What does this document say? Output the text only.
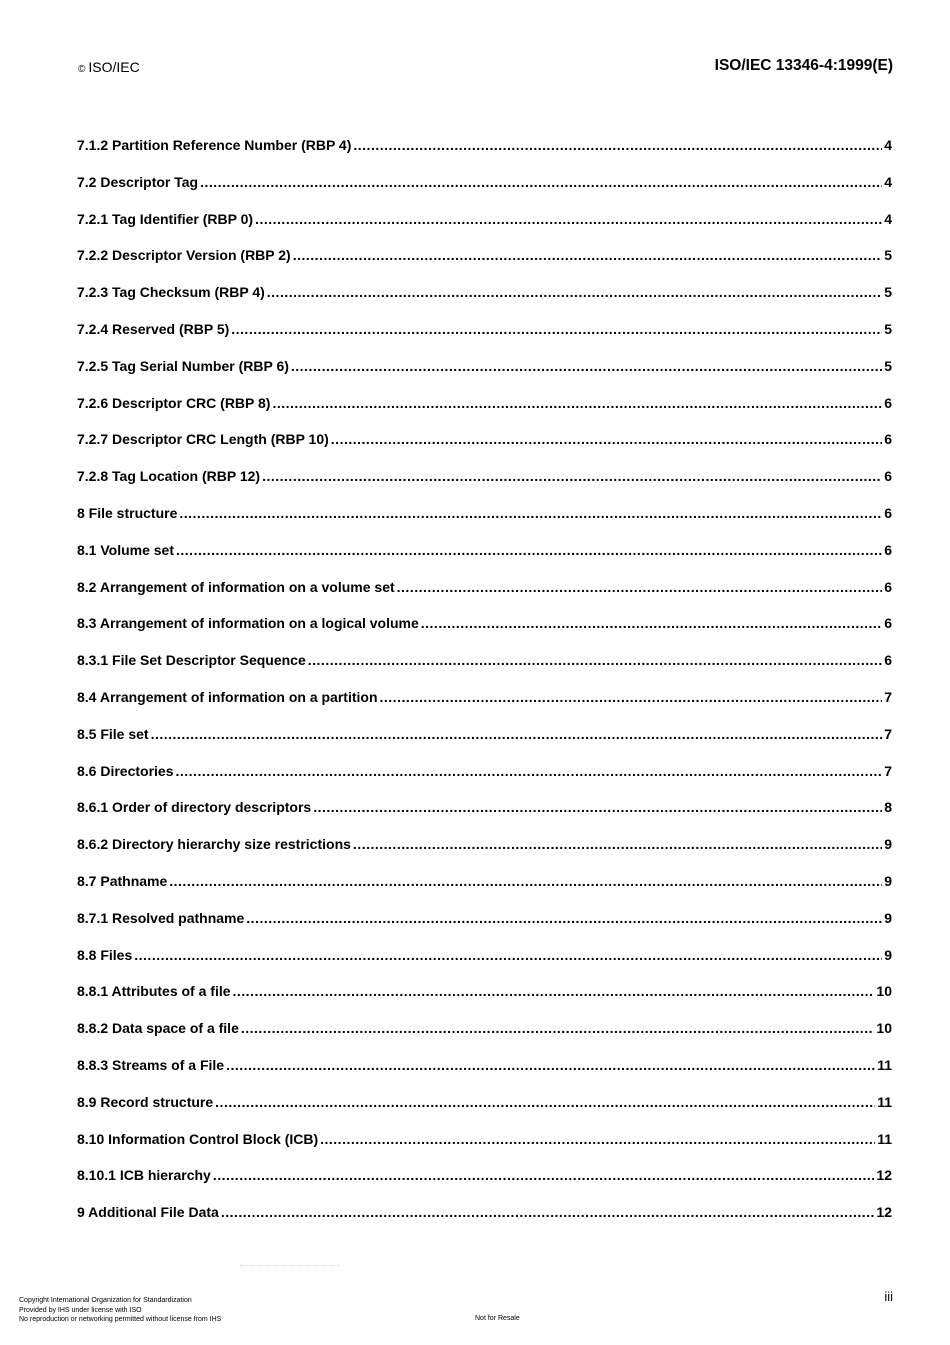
© ISO/IEC	ISO/IEC 13346-4:1999(E)
7.1.2 Partition Reference Number (RBP 4) .....	4
7.2 Descriptor Tag .....	4
7.2.1 Tag Identifier (RBP 0) .....	4
7.2.2 Descriptor Version (RBP 2) .....	5
7.2.3 Tag Checksum (RBP 4) .....	5
7.2.4 Reserved (RBP 5) .....	5
7.2.5 Tag Serial Number (RBP 6) .....	5
7.2.6 Descriptor CRC (RBP 8) .....	6
7.2.7 Descriptor CRC Length (RBP 10) .....	6
7.2.8 Tag Location (RBP 12) .....	6
8 File structure .....	6
8.1 Volume set .....	6
8.2 Arrangement of information on a volume set .....	6
8.3 Arrangement of information on a logical volume .....	6
8.3.1 File Set Descriptor Sequence .....	6
8.4 Arrangement of information on a partition .....	7
8.5 File set .....	7
8.6 Directories .....	7
8.6.1 Order of directory descriptors .....	8
8.6.2 Directory hierarchy size restrictions .....	9
8.7 Pathname .....	9
8.7.1 Resolved pathname .....	9
8.8 Files .....	9
8.8.1 Attributes of a file .....	10
8.8.2 Data space of a file .....	10
8.8.3 Streams of a File .....	11
8.9 Record structure .....	11
8.10 Information Control Block (ICB) .....	11
8.10.1 ICB hierarchy .....	12
9 Additional File Data .....	12
iii
Copyright International Organization for Standardization
Provided by IHS under license with ISO
No reproduction or networking permitted without license from IHS	Not for Resale
